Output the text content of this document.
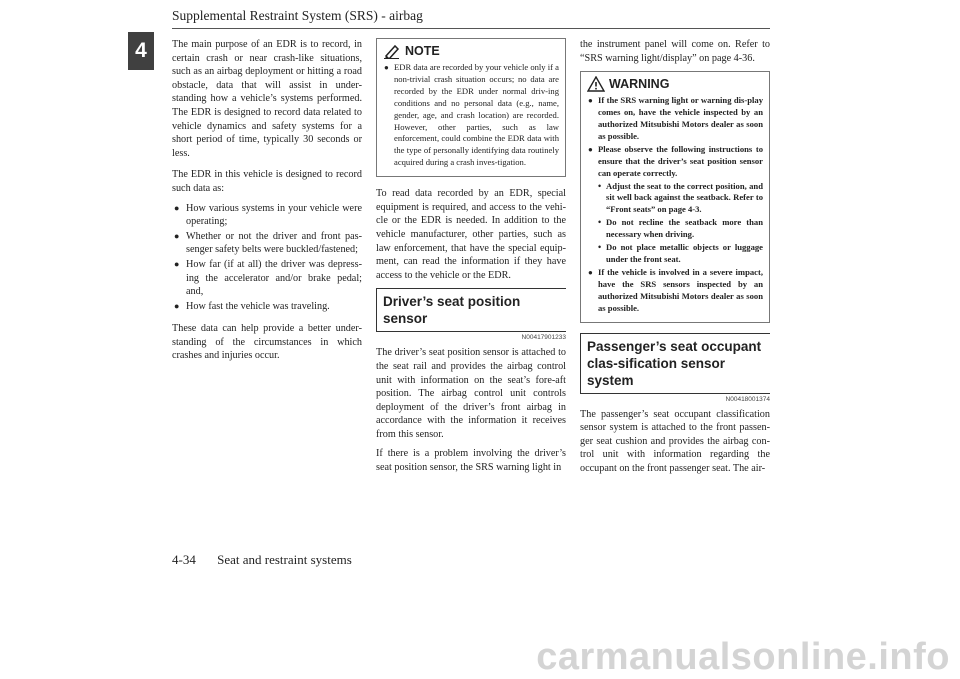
Supplemental Restraint System (SRS) - airbag
4	The main purpose of an EDR is to record, in certain crash or near crash-like situations, such as an airbag deployment or hitting a road obstacle, data that will assist in under-standing how a vehicle’s systems performed. The EDR is designed to record data related to vehicle dynamics and safety systems for a short period of time, typically 30 seconds or less.

The EDR in this vehicle is designed to record such data as:

● How various systems in your vehicle were operating;
● Whether or not the driver and front pas-senger safety belts were buckled/fastened;
● How far (if at all) the driver was depress-ing the accelerator and/or brake pedal; and,
● How fast the vehicle was traveling.

These data can help provide a better under-standing of the circumstances in which crashes and injuries occur.

NOTE
● EDR data are recorded by your vehicle only if a non-trivial crash situation occurs; no data are recorded by the EDR under normal driv-ing conditions and no personal data (e.g., name, gender, age, and crash location) are recorded. However, other parties, such as law enforcement, could combine the EDR data with the type of personally identifying data routinely acquired during a crash inves-tigation.

To read data recorded by an EDR, special equipment is required, and access to the vehi-cle or the EDR is needed. In addition to the vehicle manufacturer, other parties, such as law enforcement, that have the special equip-ment, can read the information if they have access to the vehicle or the EDR.

Driver’s seat position sensor
N00417901233

The driver’s seat position sensor is attached to the seat rail and provides the airbag control unit with information on the seat’s fore-aft position. The airbag control unit controls deployment of the driver’s front airbag in accordance with the information it receives from this sensor.

If there is a problem involving the driver’s seat position sensor, the SRS warning light in

the instrument panel will come on. Refer to “SRS warning light/display” on page 4-36.

WARNING
● If the SRS warning light or warning dis-play comes on, have the vehicle inspected by an authorized Mitsubishi Motors dealer as soon as possible.
● Please observe the following instructions to ensure that the driver’s seat position sensor can operate correctly.
• Adjust the seat to the correct position, and sit well back against the seatback. Refer to “Front seats” on page 4-3.
• Do not recline the seatback more than necessary when driving.
• Do not place metallic objects or luggage under the front seat.
● If the vehicle is involved in a severe impact, have the SRS sensors inspected by an authorized Mitsubishi Motors dealer as soon as possible.
Passenger’s seat occupant clas-sification sensor system
N00418001374

The passenger’s seat occupant classification sensor system is attached to the front passen-ger seat cushion and provides the airbag con-trol unit with information regarding the occupant on the front passenger seat. The air-

4-34 Seat and restraint systems
carmanualsonline.info
